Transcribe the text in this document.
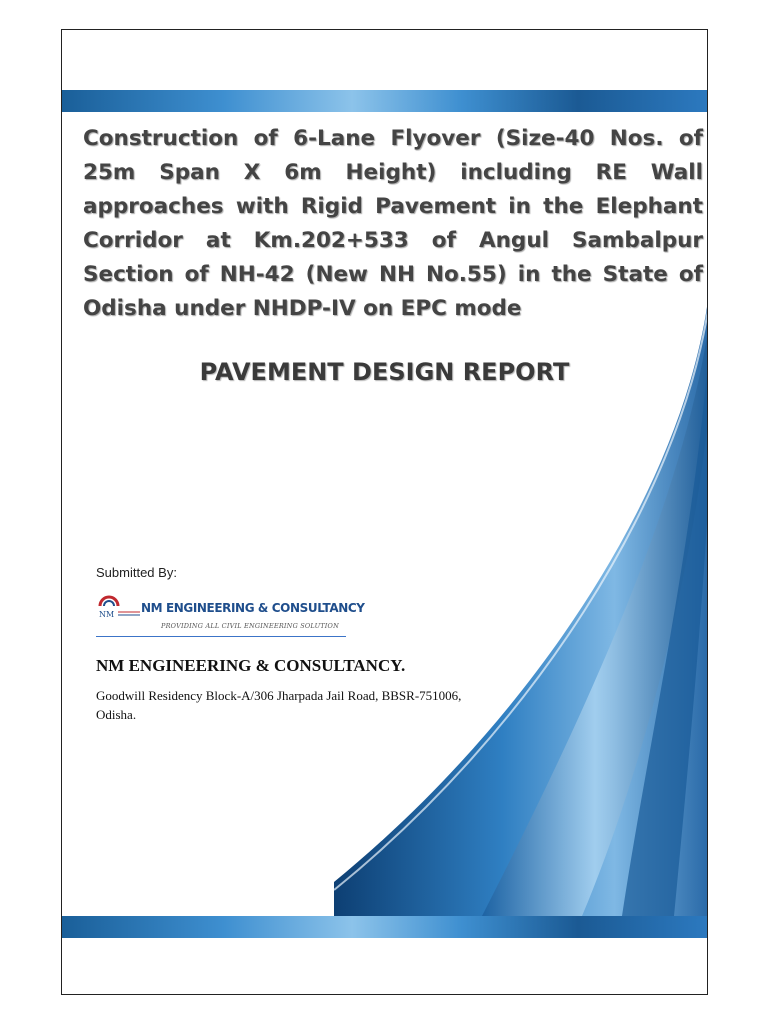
Construction of 6-Lane Flyover (Size-40 Nos. of 25m Span X 6m Height) including RE Wall approaches with Rigid Pavement in the Elephant Corridor at Km.202+533 of Angul Sambalpur Section of NH-42 (New NH No.55) in the State of Odisha under NHDP-IV on EPC mode

PAVEMENT DESIGN REPORT

Submitted By:
NM NM ENGINEERING & CONSULTANCY
PROVIDING ALL CIVIL ENGINEERING SOLUTION
NM ENGINEERING & CONSULTANCY.
Goodwill Residency Block-A/306 Jharpada Jail Road, BBSR-751006, Odisha.
